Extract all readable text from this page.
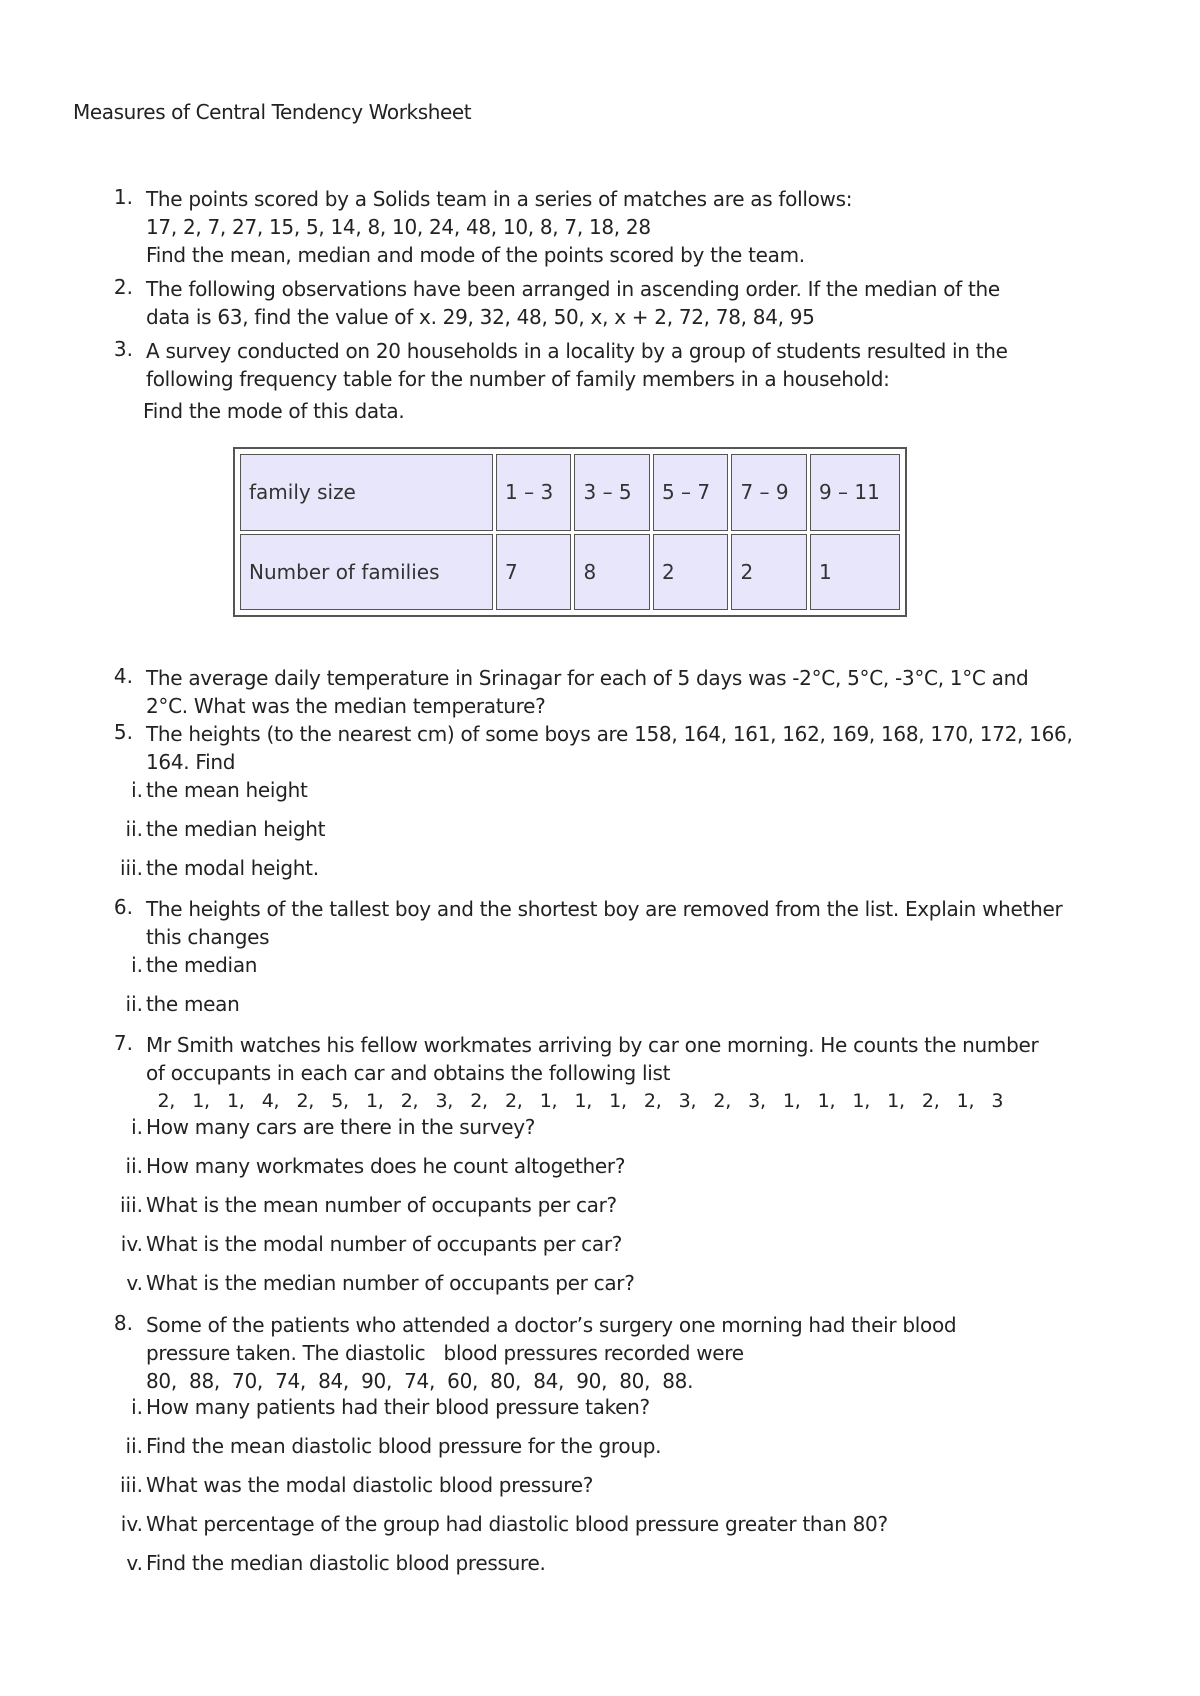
Measures of Central Tendency Worksheet
1. The points scored by a Solids team in a series of matches are as follows:
17, 2, 7, 27, 15, 5, 14, 8, 10, 24, 48, 10, 8, 7, 18, 28
Find the mean, median and mode of the points scored by the team.
2. The following observations have been arranged in ascending order. If the median of the
data is 63, find the value of x. 29, 32, 48, 50, x, x + 2, 72, 78, 84, 95
3. A survey conducted on 20 households in a locality by a group of students resulted in the
following frequency table for the number of family members in a household:
Find the mode of this data.
family size	1 – 3	3 – 5	5 – 7	7 – 9	9 – 11
Number of families	7	8	2	2	1
4. The average daily temperature in Srinagar for each of 5 days was -2°C, 5°C, -3°C, 1°C and
2°C. What was the median temperature?
5. The heights (to the nearest cm) of some boys are 158, 164, 161, 162, 169, 168, 170, 172, 166,
164. Find
i. the mean height
ii. the median height
iii. the modal height.
6. The heights of the tallest boy and the shortest boy are removed from the list. Explain whether
this changes
i. the median
ii. the mean
7. Mr Smith watches his fellow workmates arriving by car one morning. He counts the number
of occupants in each car and obtains the following list
2,   1,   1,   4,   2,   5,   1,   2,   3,   2,   2,   1,   1,   1,   2,   3,   2,   3,   1,   1,   1,   1,   2,   1,   3
i. How many cars are there in the survey?
ii. How many workmates does he count altogether?
iii. What is the mean number of occupants per car?
iv. What is the modal number of occupants per car?
v. What is the median number of occupants per car?
8. Some of the patients who attended a doctor’s surgery one morning had their blood
pressure taken. The diastolic   blood pressures recorded were
80,  88,  70,  74,  84,  90,  74,  60,  80,  84,  90,  80,  88.
i. How many patients had their blood pressure taken?
ii. Find the mean diastolic blood pressure for the group.
iii. What was the modal diastolic blood pressure?
iv. What percentage of the group had diastolic blood pressure greater than 80?
v. Find the median diastolic blood pressure.
